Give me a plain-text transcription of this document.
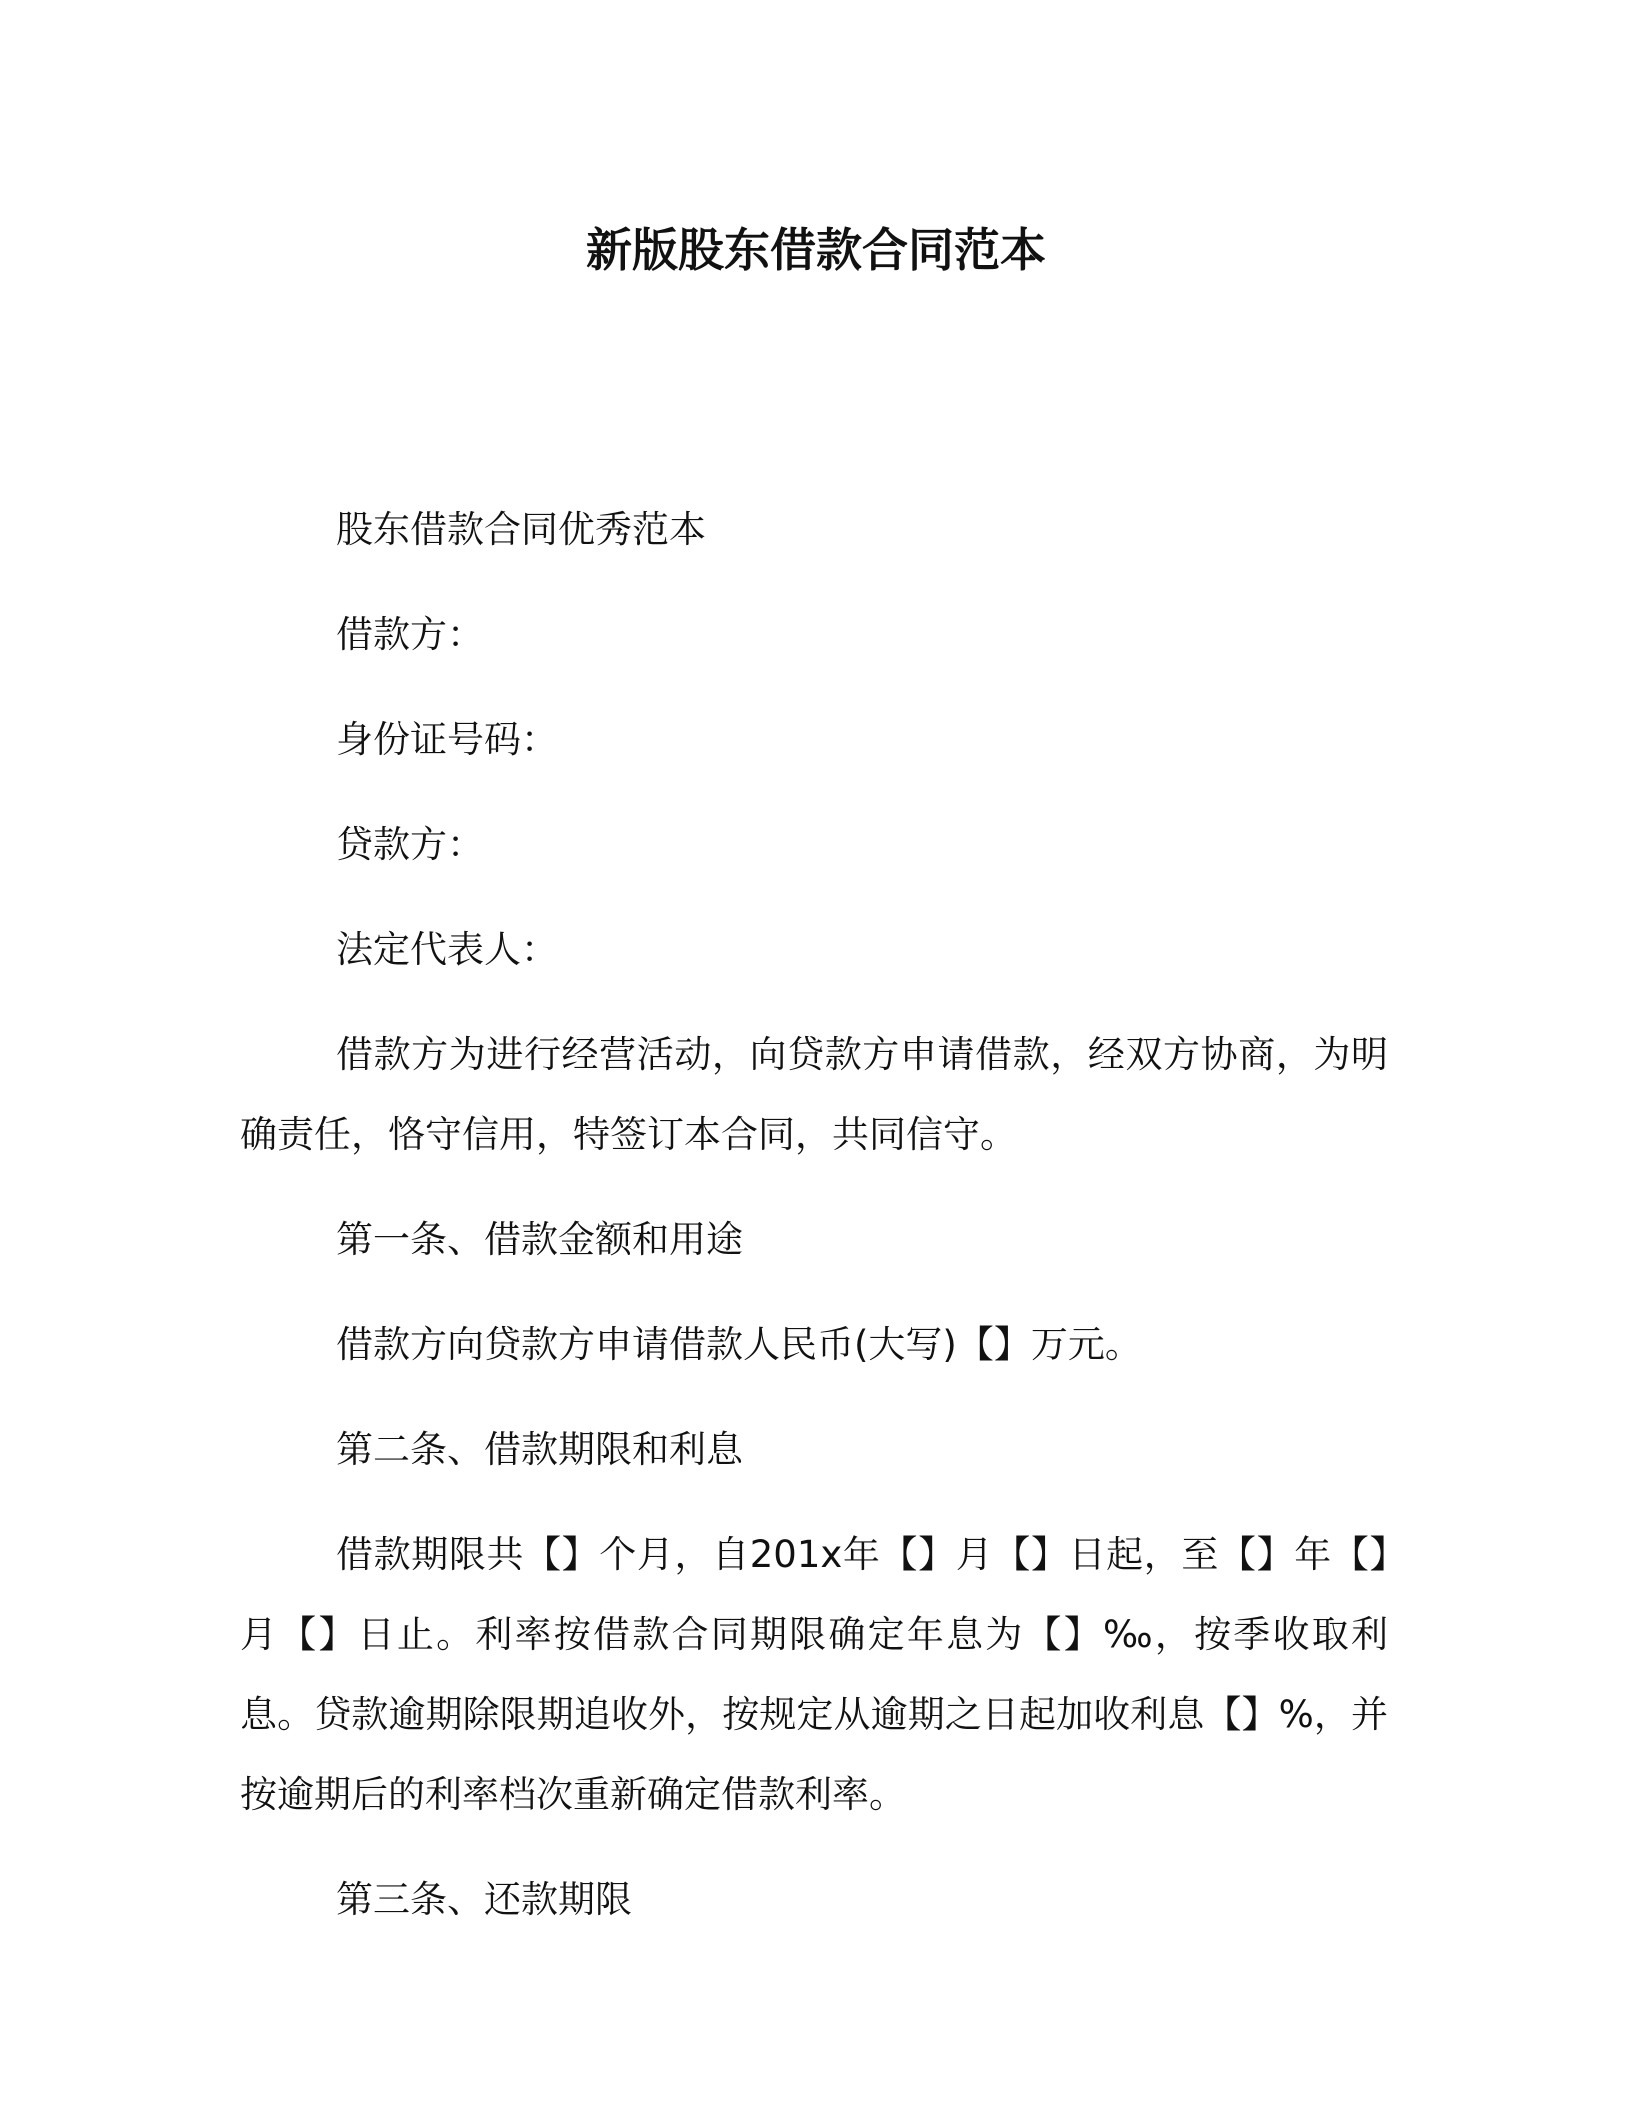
新版股东借款合同范本

股东借款合同优秀范本

借款方：

身份证号码：

贷款方：

法定代表人：

借款方为进行经营活动，向贷款方申请借款，经双方协商，为明确责任，恪守信用，特签订本合同，共同信守。

第一条、借款金额和用途

借款方向贷款方申请借款人民币(大写)【】万元。

第二条、借款期限和利息

借款期限共【】个月，自201x年【】月【】日起，至【】年【】月【】日止。利率按借款合同期限确定年息为【】‰，按季收取利息。贷款逾期除限期追收外，按规定从逾期之日起加收利息【】%，并按逾期后的利率档次重新确定借款利率。

第三条、还款期限
